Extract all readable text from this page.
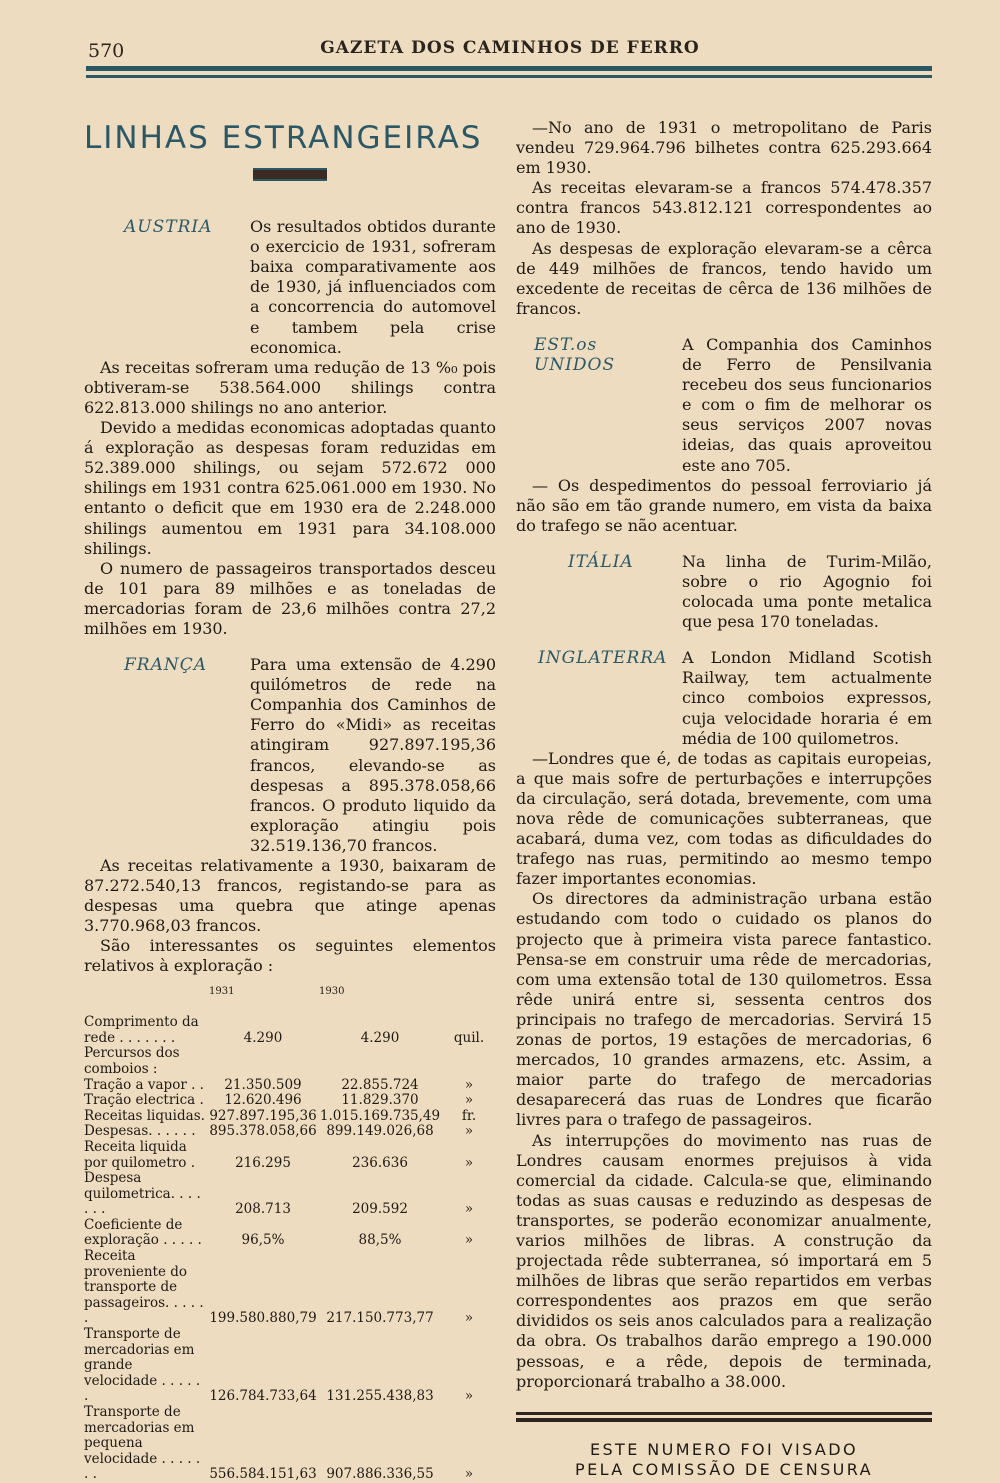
570	GAZETA DOS CAMINHOS DE FERRO
LINHAS ESTRANGEIRAS
AUSTRIA	Os resultados obtidos durante o exercicio de 1931, sofreram baixa comparativamente aos de 1930, já influenciados com a concorrencia do automovel e tambem pela crise economica.

As receitas sofreram uma redução de 13 %₀ pois obtiveram-se 538.564.000 shilings contra 622.813.000 shilings no ano anterior.

Devido a medidas economicas adoptadas quanto á exploração as despesas foram reduzidas em 52.389.000 shilings, ou sejam 572.672 000 shilings em 1931 contra 625.061.000 em 1930. No entanto o deficit que em 1930 era de 2.248.000 shilings aumentou em 1931 para 34.108.000 shilings.

O numero de passageiros transportados desceu de 101 para 89 milhões e as toneladas de mercadorias foram de 23,6 milhões contra 27,2 milhões em 1930.

FRANÇA	Para uma extensão de 4.290 quilómetros de rede na Companhia dos Caminhos de Ferro do «Midi» as receitas atingiram 927.897.195,36 francos, elevando-se as despesas a 895.378.058,66 francos. O produto liquido da exploração atingiu pois 32.519.136,70 francos.

As receitas relativamente a 1930, baixaram de 87.272.540,13 francos, registando-se para as despesas uma quebra que atinge apenas 3.770.968,03 francos.

São interessantes os seguintes elementos relativos à exploração :

	1931	1930	
Comprimento da rede . . . . . . .	4.290	4.290	quil.
Percursos dos comboios :			
Tração a vapor . .	21.350.509	22.855.724	»
Tração electrica .	12.620.496	11.829.370	»
Receitas liquidas.	927.897.195,36	1.015.169.735,49	fr.
Despesas. . . . . .	895.378.058,66	899.149.026,68	»
Receita liquida por quilometro .	216.295	236.636	»
Despesa quilometrica. . . . . . .	208.713	209.592	»
Coeficiente de exploração . . . . .	96,5%	88,5%	»
Receita proveniente do transporte de passageiros. . . . . .	199.580.880,79	217.150.773,77	»
Transporte de mercadorias em grande velocidade . . . . . .	126.784.733,64	131.255.438,83	»
Transporte de mercadorias em pequena velocidade . . . . . . .	556.584.151,63	907.886.336,55	»

—No ano de 1931 o metropolitano de Paris vendeu 729.964.796 bilhetes contra 625.293.664 em 1930.

As receitas elevaram-se a francos 574.478.357 contra francos 543.812.121 correspondentes ao ano de 1930.

As despesas de exploração elevaram-se a cêrca de 449 milhões de francos, tendo havido um excedente de receitas de cêrca de 136 milhões de francos.

EST.os UNIDOS
A Companhia dos Caminhos de Ferro de Pensilvania recebeu dos seus funcionarios e com o fim de melhorar os seus serviços 2007 novas ideias, das quais aproveitou este ano 705.

— Os despedimentos do pessoal ferroviario já não são em tão grande numero, em vista da baixa do trafego se não acentuar.

ITÁLIA	Na linha de Turim-Milão, sobre o rio Agognio foi colocada uma ponte metalica que pesa 170 toneladas.
INGLATERRA A London Midland Scotish Railway, tem actualmente cinco comboios expressos, cuja velocidade horaria é em média de 100 quilometros.

—Londres que é, de todas as capitais europeias, a que mais sofre de perturbações e interrupções da circulação, será dotada, brevemente, com uma nova rêde de comunicações subterraneas, que acabará, duma vez, com todas as dificuldades do trafego nas ruas, permitindo ao mesmo tempo fazer importantes economias.

Os directores da administração urbana estão estudando com todo o cuidado os planos do projecto que à primeira vista parece fantastico. Pensa-se em construir uma rêde de mercadorias, com uma extensão total de 130 quilometros. Essa rêde unirá entre si, sessenta centros dos principais no trafego de mercadorias. Servirá 15 zonas de portos, 19 estações de mercadorias, 6 mercados, 10 grandes armazens, etc. Assim, a maior parte do trafego de mercadorias desaparecerá das ruas de Londres que ficarão livres para o trafego de passageiros.

As interrupções do movimento nas ruas de Londres causam enormes prejuisos à vida comercial da cidade. Calcula-se que, eliminando todas as suas causas e reduzindo as despesas de transportes, se poderão economizar anualmente, varios milhões de libras. A construção da projectada rêde subterranea, só importará em 5 milhões de libras que serão repartidos em verbas correspondentes aos prazos em que serão divididos os seis anos calculados para a realização da obra. Os trabalhos darão emprego a 190.000 pessoas, e a rêde, depois de terminada, proporcionará trabalho a 38.000.

ESTE NUMERO FOI VISADO
PELA COMISSÃO DE CENSURA
